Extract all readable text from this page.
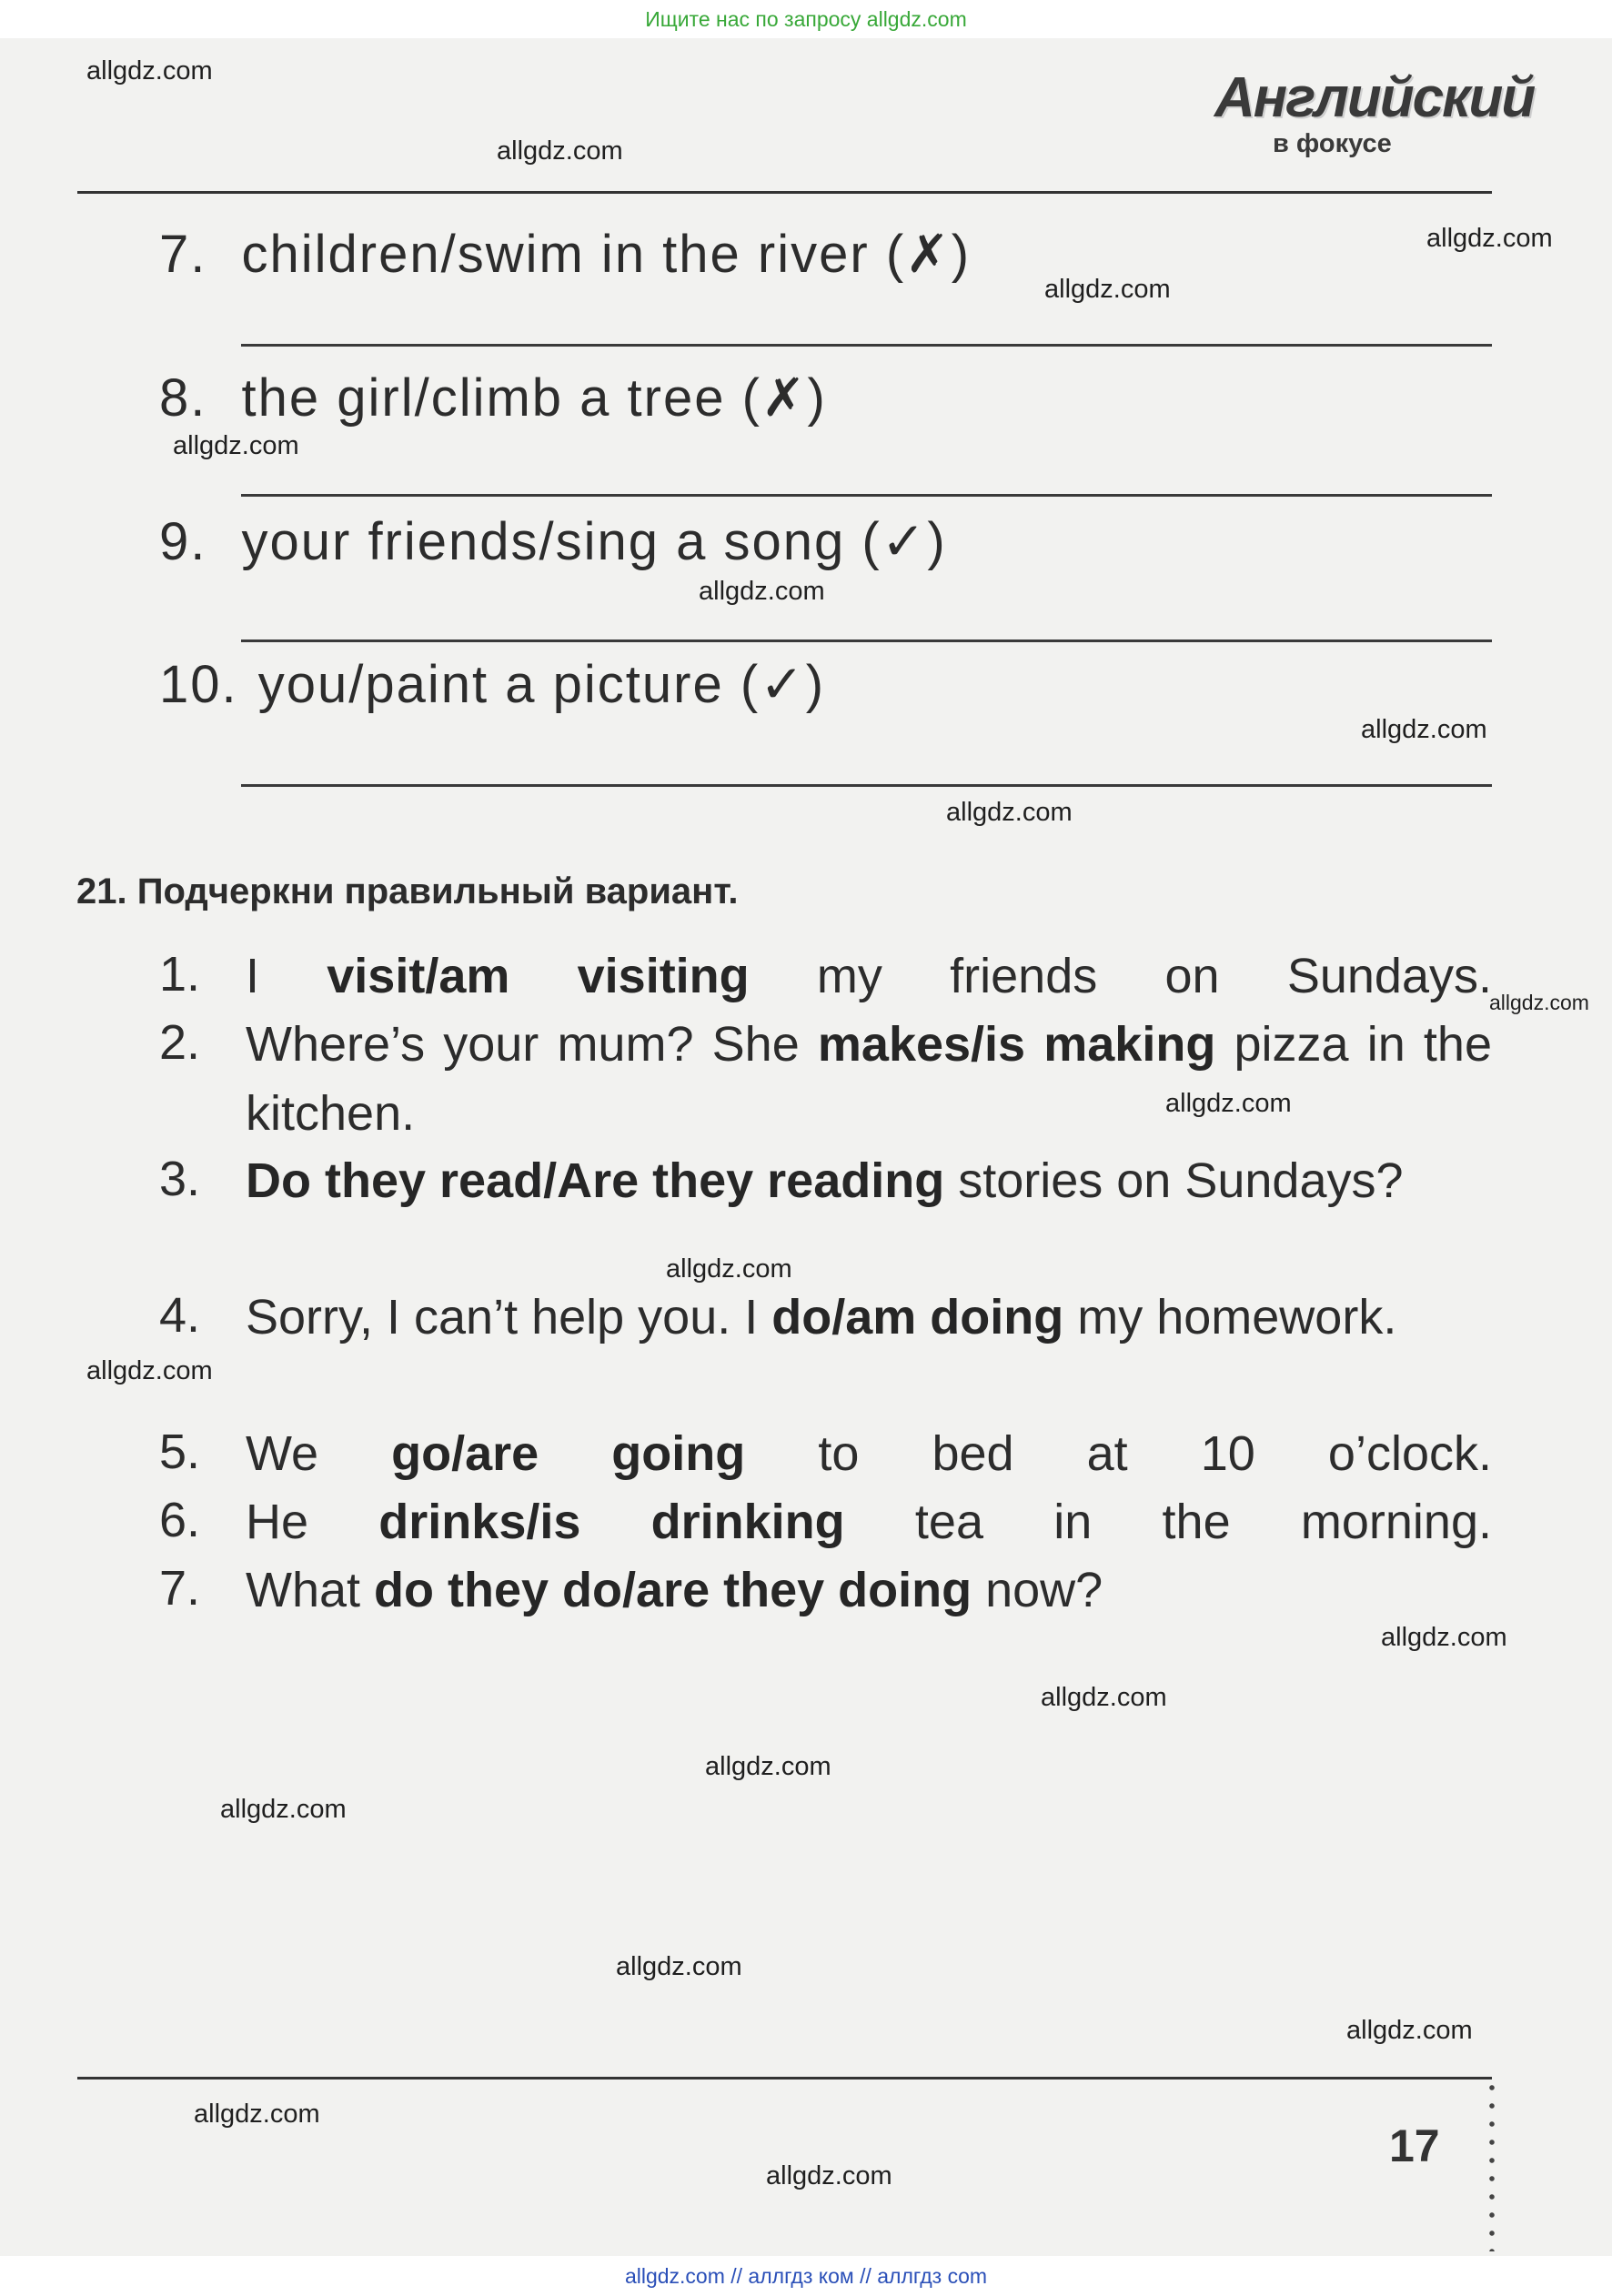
Ищите нас по запросу allgdz.com
Английский
в фокусе
7. children/swim in the river (✗)
8. the girl/climb a tree (✗)
9. your friends/sing a song (✓)
10. you/paint a picture (✓)
21. Подчеркни правильный вариант.
1. I visit/am visiting my friends on Sundays.
2. Where’s your mum? She makes/is making pizza in the kitchen.
3. Do they read/Are they reading stories on Sundays?
4. Sorry, I can’t help you. I do/am doing my homework.
5. We go/are going to bed at 10 o’clock.
6. He drinks/is drinking tea in the morning.
7. What do they do/are they doing now?
17
allgdz.com
allgdz.com
allgdz.com
allgdz.com
allgdz.com
allgdz.com
allgdz.com
allgdz.com
allgdz.com
allgdz.com
allgdz.com
allgdz.com
allgdz.com
allgdz.com
allgdz.com
allgdz.com
allgdz.com
allgdz.com
allgdz.com
allgdz.com
allgdz.com // аллгдз ком // аллгдз com
